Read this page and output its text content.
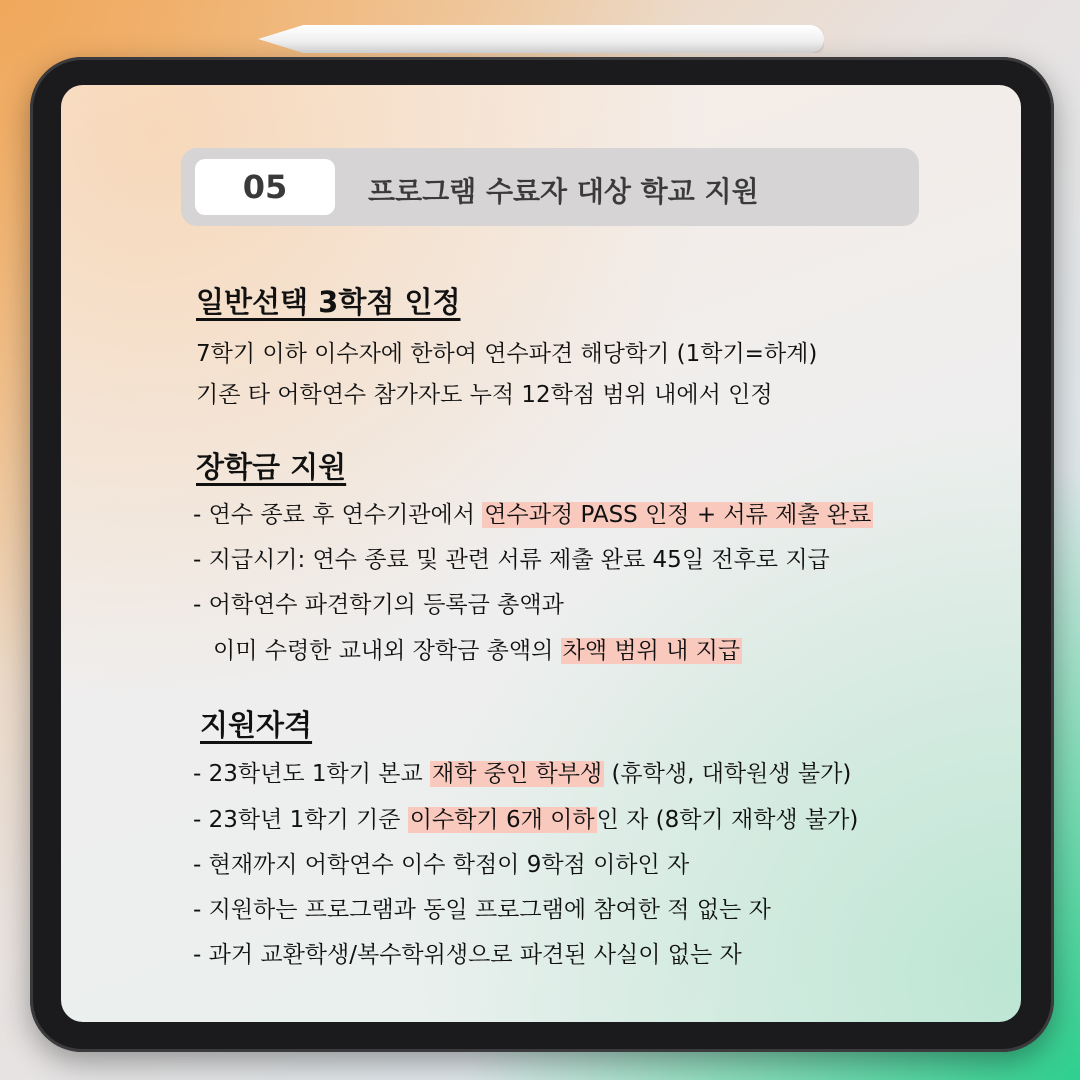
05	프로그램 수료자 대상 학교 지원
일반선택 3학점 인정
7학기 이하 이수자에 한하여 연수파견 해당학기 (1학기=하계)
기존 타 어학연수 참가자도 누적 12학점 범위 내에서 인정
장학금 지원
- 연수 종료 후 연수기관에서 연수과정 PASS 인정 + 서류 제출 완료
- 지급시기: 연수 종료 및 관련 서류 제출 완료 45일 전후로 지급
- 어학연수 파견학기의 등록금 총액과
이미 수령한 교내외 장학금 총액의 차액 범위 내 지급
지원자격
- 23학년도 1학기 본교 재학 중인 학부생 (휴학생, 대학원생 불가)
- 23학년 1학기 기준 이수학기 6개 이하인 자 (8학기 재학생 불가)
- 현재까지 어학연수 이수 학점이 9학점 이하인 자
- 지원하는 프로그램과 동일 프로그램에 참여한 적 없는 자
- 과거 교환학생/복수학위생으로 파견된 사실이 없는 자
